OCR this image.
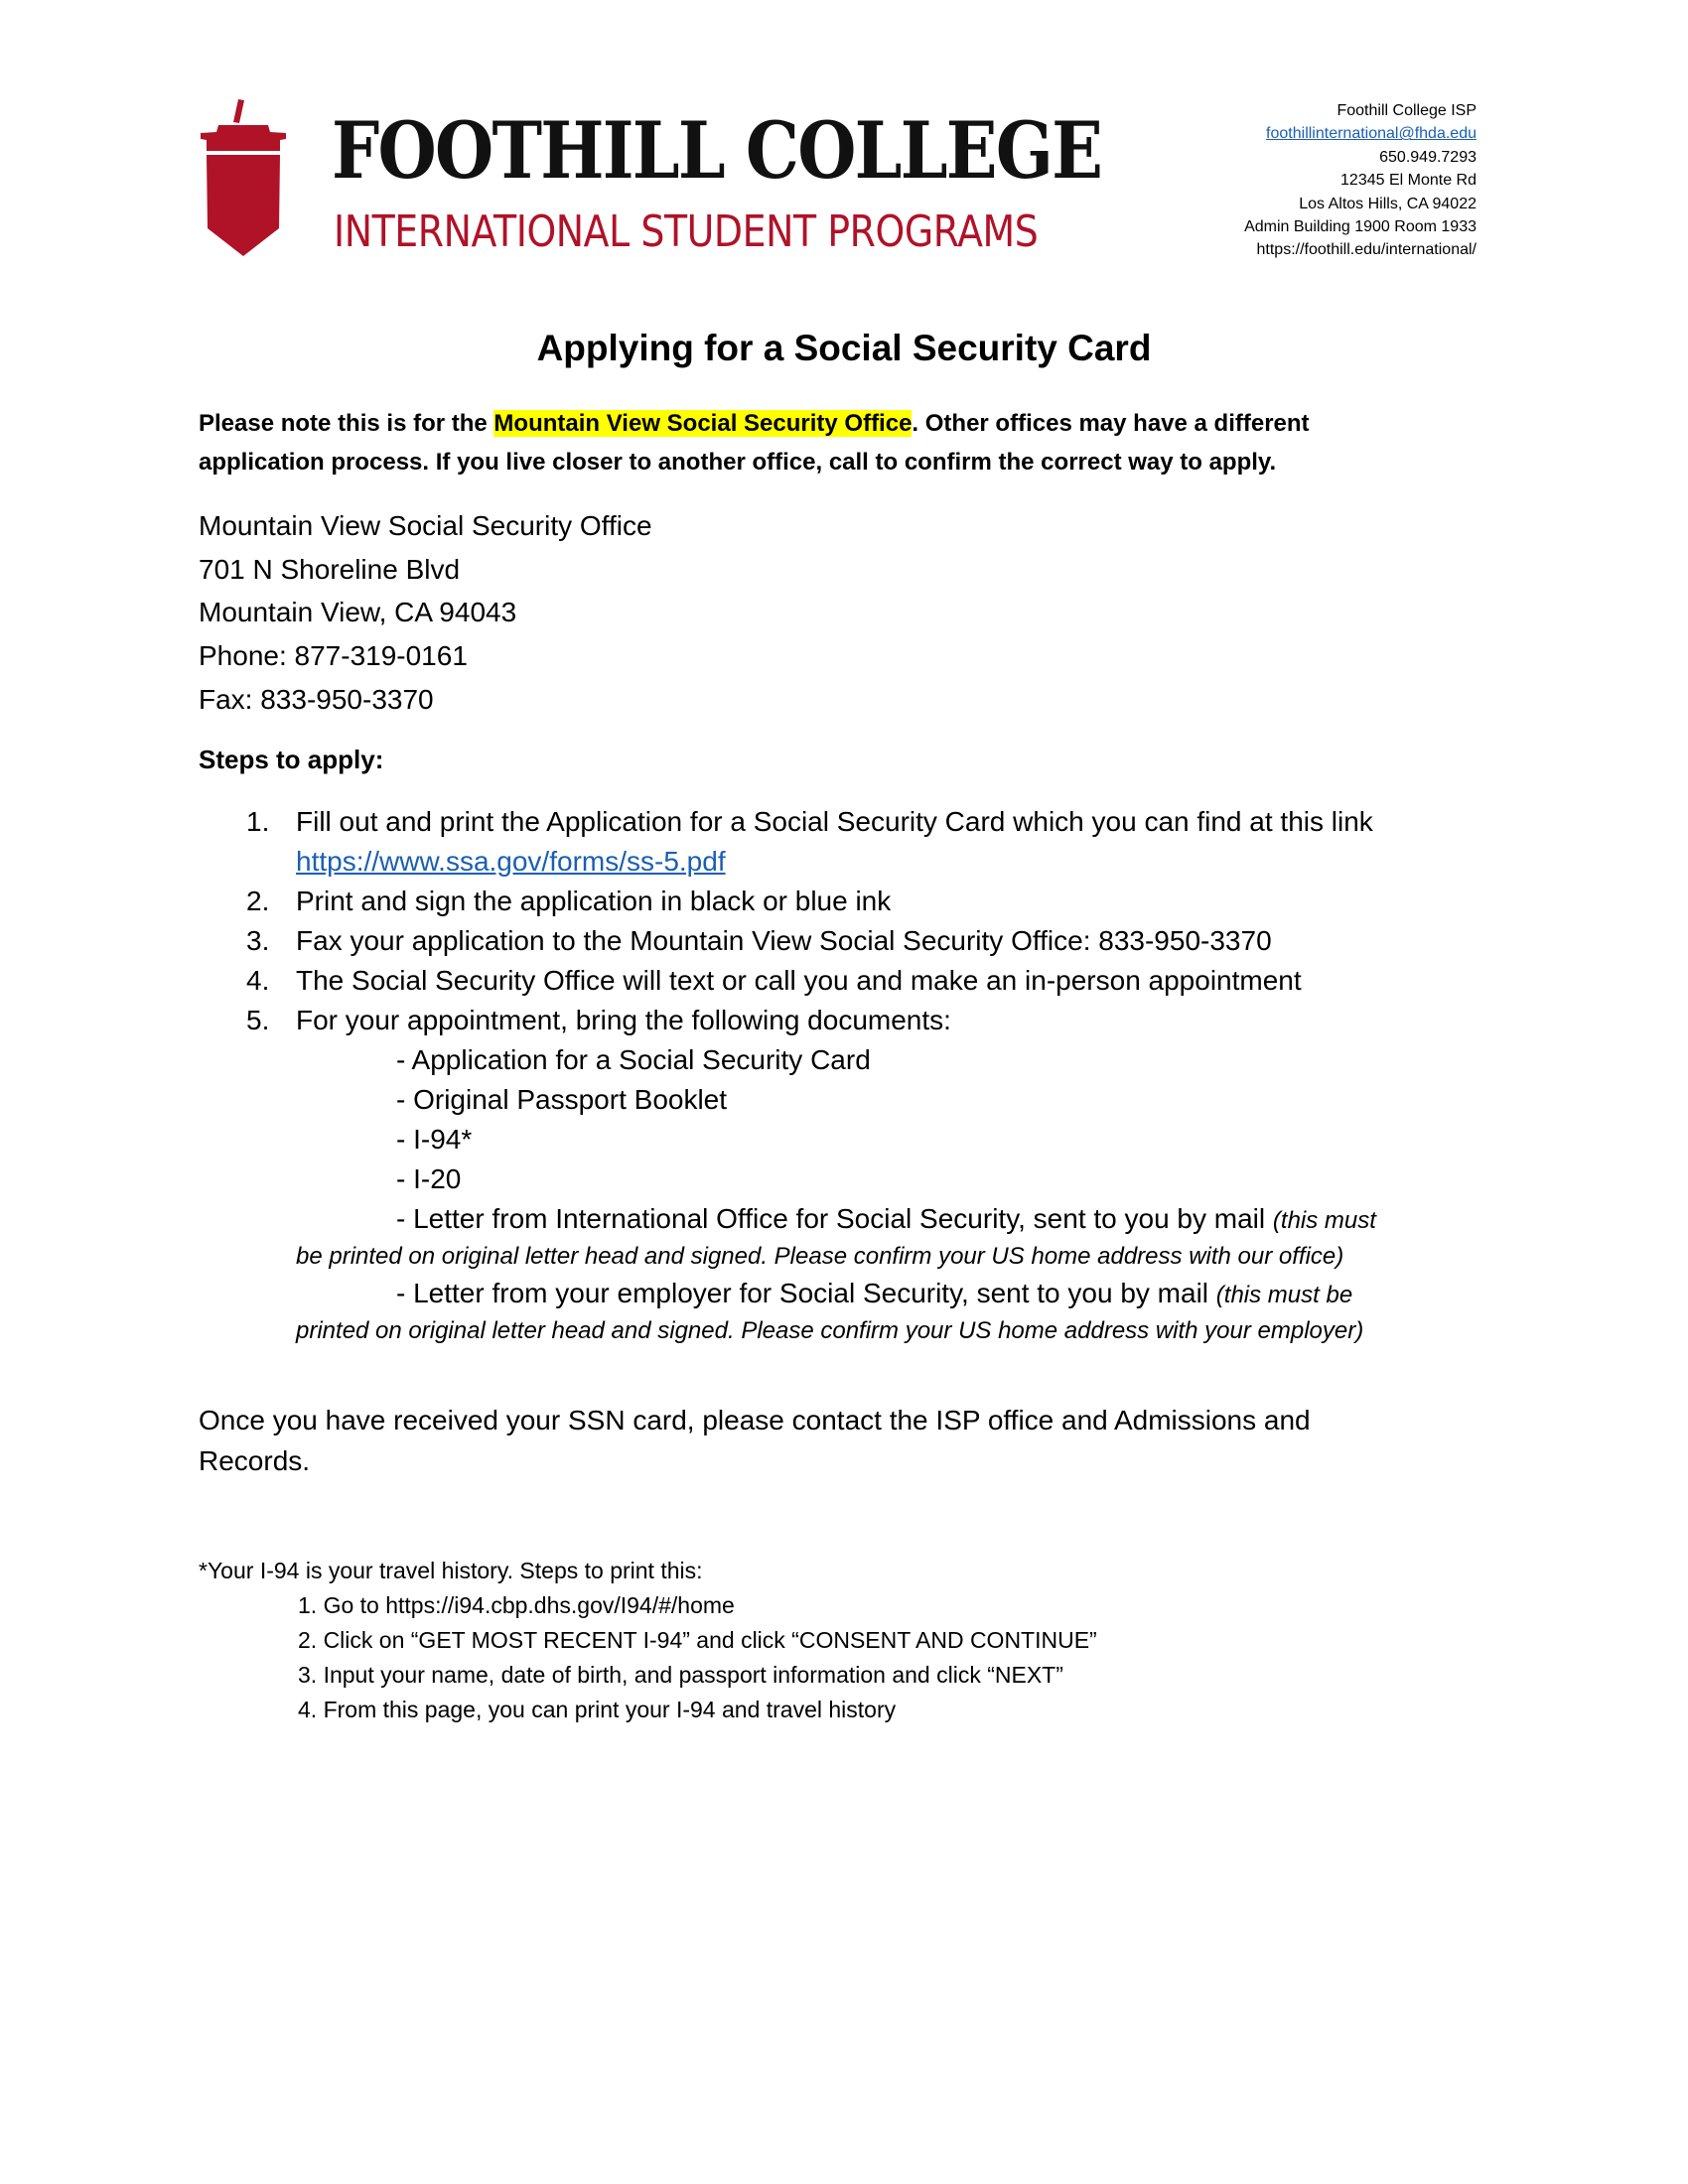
FOOTHILL COLLEGE
INTERNATIONAL STUDENT PROGRAMS
Foothill College ISP
foothillinternational@fhda.edu
650.949.7293
12345 El Monte Rd
Los Altos Hills, CA 94022
Admin Building 1900 Room 1933
https://foothill.edu/international/
Applying for a Social Security Card
Please note this is for the Mountain View Social Security Office. Other offices may have a different
application process. If you live closer to another office, call to confirm the correct way to apply.
Mountain View Social Security Office
701 N Shoreline Blvd
Mountain View, CA 94043
Phone: 877-319-0161
Fax: 833-950-3370
Steps to apply:
1. Fill out and print the Application for a Social Security Card which you can find at this link
https://www.ssa.gov/forms/ss-5.pdf
2. Print and sign the application in black or blue ink
3. Fax your application to the Mountain View Social Security Office: 833-950-3370
4. The Social Security Office will text or call you and make an in-person appointment
5. For your appointment, bring the following documents:
- Application for a Social Security Card
- Original Passport Booklet
- I-94*
- I-20
- Letter from International Office for Social Security, sent to you by mail (this must
be printed on original letter head and signed. Please confirm your US home address with our office)
- Letter from your employer for Social Security, sent to you by mail (this must be
printed on original letter head and signed. Please confirm your US home address with your employer)
Once you have received your SSN card, please contact the ISP office and Admissions and
Records.
*Your I-94 is your travel history. Steps to print this:
1. Go to https://i94.cbp.dhs.gov/I94/#/home
2. Click on “GET MOST RECENT I-94” and click “CONSENT AND CONTINUE”
3. Input your name, date of birth, and passport information and click “NEXT”
4. From this page, you can print your I-94 and travel history
